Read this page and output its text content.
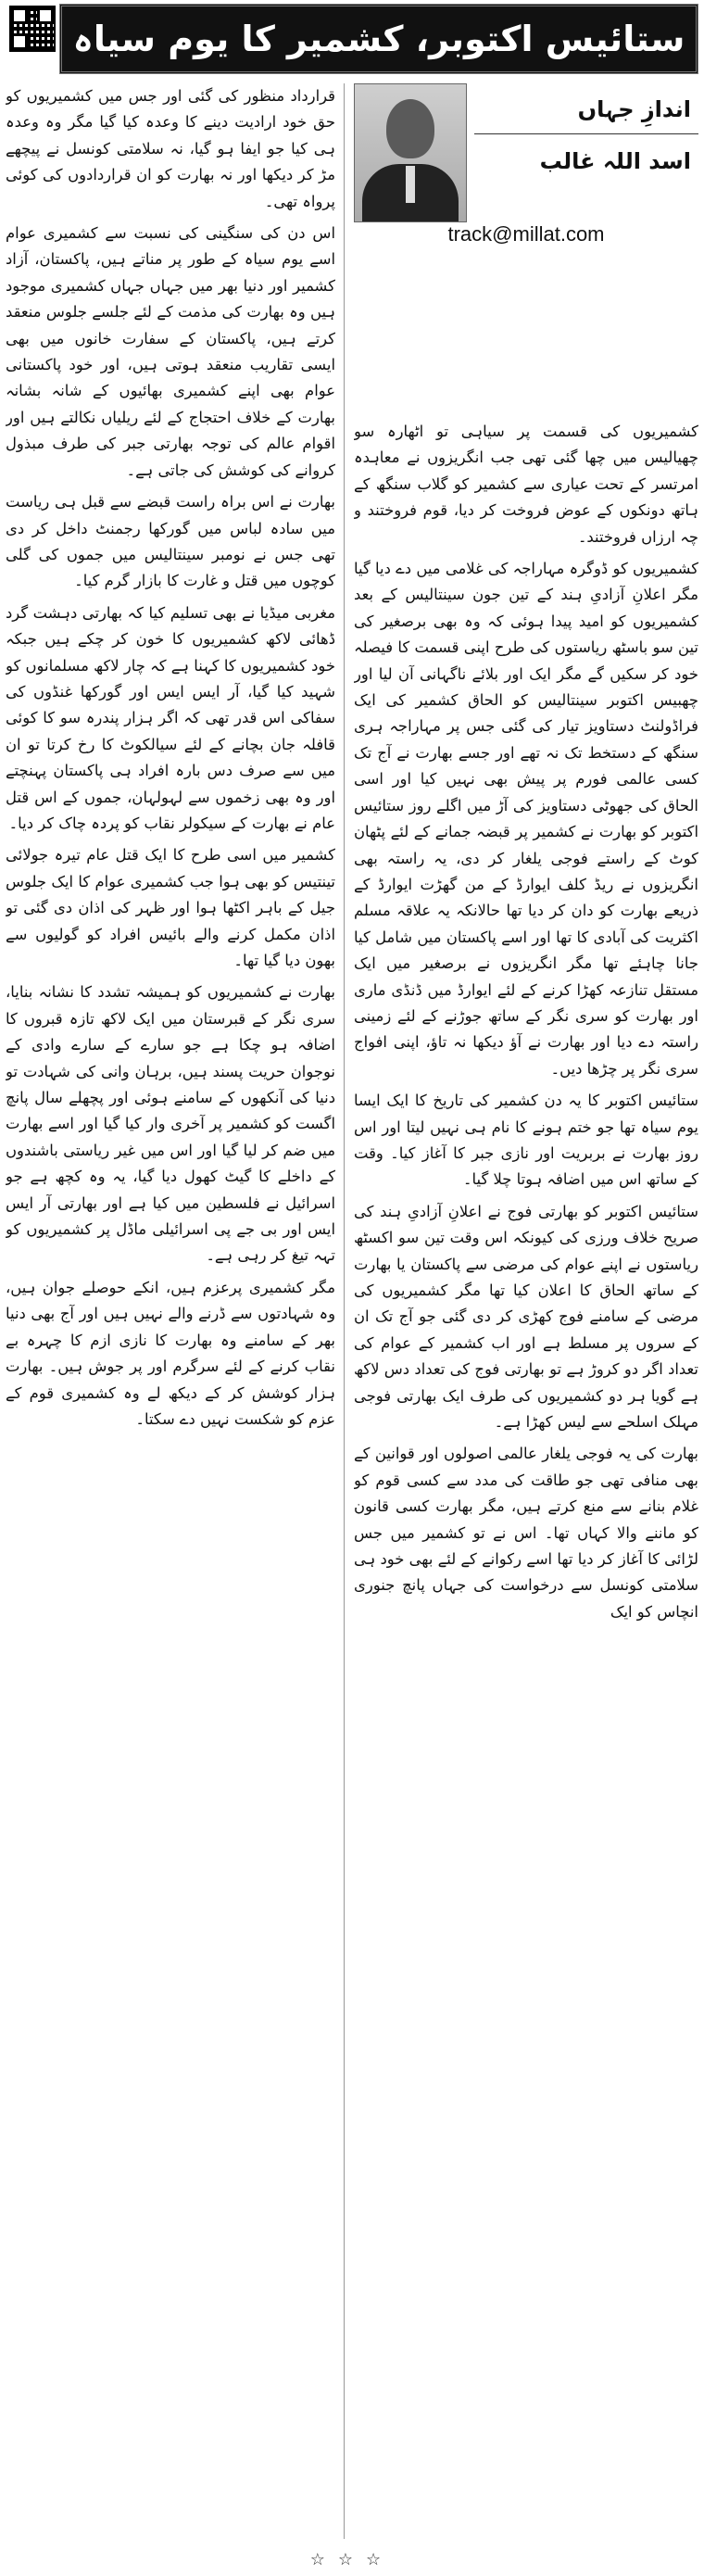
ستائیس اکتوبر، کشمیر کا یوم سیاہ
اندازِ جہاں
اسد اللہ غالب
track@millat.com

کشمیریوں کی قسمت پر سیاہی تو اٹھارہ سو چھیالیس میں چھا گئی تھی جب انگریزوں نے معاہدہ امرتسر کے تحت عیاری سے کشمیر کو گلاب سنگھ کے ہاتھ دونکوں کے عوض فروخت کر دیا، قوم فروختند و چہ ارزاں فروختند۔

کشمیریوں کو ڈوگرہ مہاراجہ کی غلامی میں دے دیا گیا مگر اعلانِ آزادیِ ہند کے تین جون سینتالیس کے بعد کشمیریوں کو امید پیدا ہوئی کہ وہ بھی برصغیر کی تین سو باسٹھ ریاستوں کی طرح اپنی قسمت کا فیصلہ خود کر سکیں گے مگر ایک اور بلائے ناگہانی آن لیا اور چھبیس اکتوبر سینتالیس کو الحاق کشمیر کی ایک فراڈولنٹ دستاویز تیار کی گئی جس پر مہاراجہ ہری سنگھ کے دستخط تک نہ تھے اور جسے بھارت نے آج تک کسی عالمی فورم پر پیش بھی نہیں کیا اور اسی الحاق کی جھوٹی دستاویز کی آڑ میں اگلے روز ستائیس اکتوبر کو بھارت نے کشمیر پر قبضہ جمانے کے لئے پٹھان کوٹ کے راستے فوجی یلغار کر دی، یہ راستہ بھی انگریزوں نے ریڈ کلف ایوارڈ کے من گھڑت ایوارڈ کے ذریعے بھارت کو دان کر دیا تھا حالانکہ یہ علاقہ مسلم اکثریت کی آبادی کا تھا اور اسے پاکستان میں شامل کیا جانا چاہئے تھا مگر انگریزوں نے برصغیر میں ایک مستقل تنازعہ کھڑا کرنے کے لئے ایوارڈ میں ڈنڈی ماری اور بھارت کو سری نگر کے ساتھ جوڑنے کے لئے زمینی راستہ دے دیا اور بھارت نے آؤ دیکھا نہ تاؤ، اپنی افواج سری نگر پر چڑھا دیں۔

ستائیس اکتوبر کا یہ دن کشمیر کی تاریخ کا ایک ایسا یوم سیاہ تھا جو ختم ہونے کا نام ہی نہیں لیتا اور اس روز بھارت نے بربریت اور نازی جبر کا آغاز کیا۔ وقت کے ساتھ اس میں اضافہ ہوتا چلا گیا۔

ستائیس اکتوبر کو بھارتی فوج نے اعلانِ آزادیِ ہند کی صریح خلاف ورزی کی کیونکہ اس وقت تین سو اکسٹھ ریاستوں نے اپنے عوام کی مرضی سے پاکستان یا بھارت کے ساتھ الحاق کا اعلان کیا تھا مگر کشمیریوں کی مرضی کے سامنے فوج کھڑی کر دی گئی جو آج تک ان کے سروں پر مسلط ہے اور اب کشمیر کے عوام کی تعداد اگر دو کروڑ ہے تو بھارتی فوج کی تعداد دس لاکھ ہے گویا ہر دو کشمیریوں کی طرف ایک بھارتی فوجی مہلک اسلحے سے لیس کھڑا ہے۔

بھارت کی یہ فوجی یلغار عالمی اصولوں اور قوانین کے بھی منافی تھی جو طاقت کی مدد سے کسی قوم کو غلام بنانے سے منع کرتے ہیں، مگر بھارت کسی قانون کو ماننے والا کہاں تھا۔ اس نے تو کشمیر میں جس لڑائی کا آغاز کر دیا تھا اسے رکوانے کے لئے بھی خود ہی سلامتی کونسل سے درخواست کی جہاں پانچ جنوری انچاس کو ایک

قرارداد منظور کی گئی اور جس میں کشمیریوں کو حق خود ارادیت دینے کا وعدہ کیا گیا مگر وہ وعدہ ہی کیا جو ایفا ہو گیا، نہ سلامتی کونسل نے پیچھے مڑ کر دیکھا اور نہ بھارت کو ان قراردادوں کی کوئی پرواہ تھی۔

اس دن کی سنگینی کی نسبت سے کشمیری عوام اسے یوم سیاہ کے طور پر مناتے ہیں، پاکستان، آزاد کشمیر اور دنیا بھر میں جہاں جہاں کشمیری موجود ہیں وہ بھارت کی مذمت کے لئے جلسے جلوس منعقد کرتے ہیں، پاکستان کے سفارت خانوں میں بھی ایسی تقاریب منعقد ہوتی ہیں، اور خود پاکستانی عوام بھی اپنے کشمیری بھائیوں کے شانہ بشانہ بھارت کے خلاف احتجاج کے لئے ریلیاں نکالتے ہیں اور اقوام عالم کی توجہ بھارتی جبر کی طرف مبذول کروانے کی کوشش کی جاتی ہے۔

بھارت نے اس براہ راست قبضے سے قبل ہی ریاست میں سادہ لباس میں گورکھا رجمنٹ داخل کر دی تھی جس نے نومبر سینتالیس میں جموں کی گلی کوچوں میں قتل و غارت کا بازار گرم کیا۔

مغربی میڈیا نے بھی تسلیم کیا کہ بھارتی دہشت گرد ڈھائی لاکھ کشمیریوں کا خون کر چکے ہیں جبکہ خود کشمیریوں کا کہنا ہے کہ چار لاکھ مسلمانوں کو شہید کیا گیا، آر ایس ایس اور گورکھا غنڈوں کی سفاکی اس قدر تھی کہ اگر ہزار پندرہ سو کا کوئی قافلہ جان بچانے کے لئے سیالکوٹ کا رخ کرتا تو ان میں سے صرف دس بارہ افراد ہی پاکستان پہنچتے اور وہ بھی زخموں سے لہولہان، جموں کے اس قتل عام نے بھارت کے سیکولر نقاب کو پردہ چاک کر دیا۔

کشمیر میں اسی طرح کا ایک قتل عام تیرہ جولائی تینتیس کو بھی ہوا جب کشمیری عوام کا ایک جلوس جیل کے باہر اکٹھا ہوا اور ظہر کی اذان دی گئی تو اذان مکمل کرنے والے بائیس افراد کو گولیوں سے بھون دیا گیا تھا۔

بھارت نے کشمیریوں کو ہمیشہ تشدد کا نشانہ بنایا، سری نگر کے قبرستان میں ایک لاکھ تازہ قبروں کا اضافہ ہو چکا ہے جو سارے کے سارے وادی کے نوجوان حریت پسند ہیں، برہان وانی کی شہادت تو دنیا کی آنکھوں کے سامنے ہوئی اور پچھلے سال پانچ اگست کو کشمیر پر آخری وار کیا گیا اور اسے بھارت میں ضم کر لیا گیا اور اس میں غیر ریاستی باشندوں کے داخلے کا گیٹ کھول دیا گیا، یہ وہ کچھ ہے جو اسرائیل نے فلسطین میں کیا ہے اور بھارتی آر ایس ایس اور بی جے پی اسرائیلی ماڈل پر کشمیریوں کو تہہ تیغ کر رہی ہے۔

مگر کشمیری پرعزم ہیں، انکے حوصلے جوان ہیں، وہ شہادتوں سے ڈرنے والے نہیں ہیں اور آج بھی دنیا بھر کے سامنے وہ بھارت کا نازی ازم کا چہرہ بے نقاب کرنے کے لئے سرگرم اور پر جوش ہیں۔ بھارت ہزار کوشش کر کے دیکھ لے وہ کشمیری قوم کے عزم کو شکست نہیں دے سکتا۔

☆☆☆
